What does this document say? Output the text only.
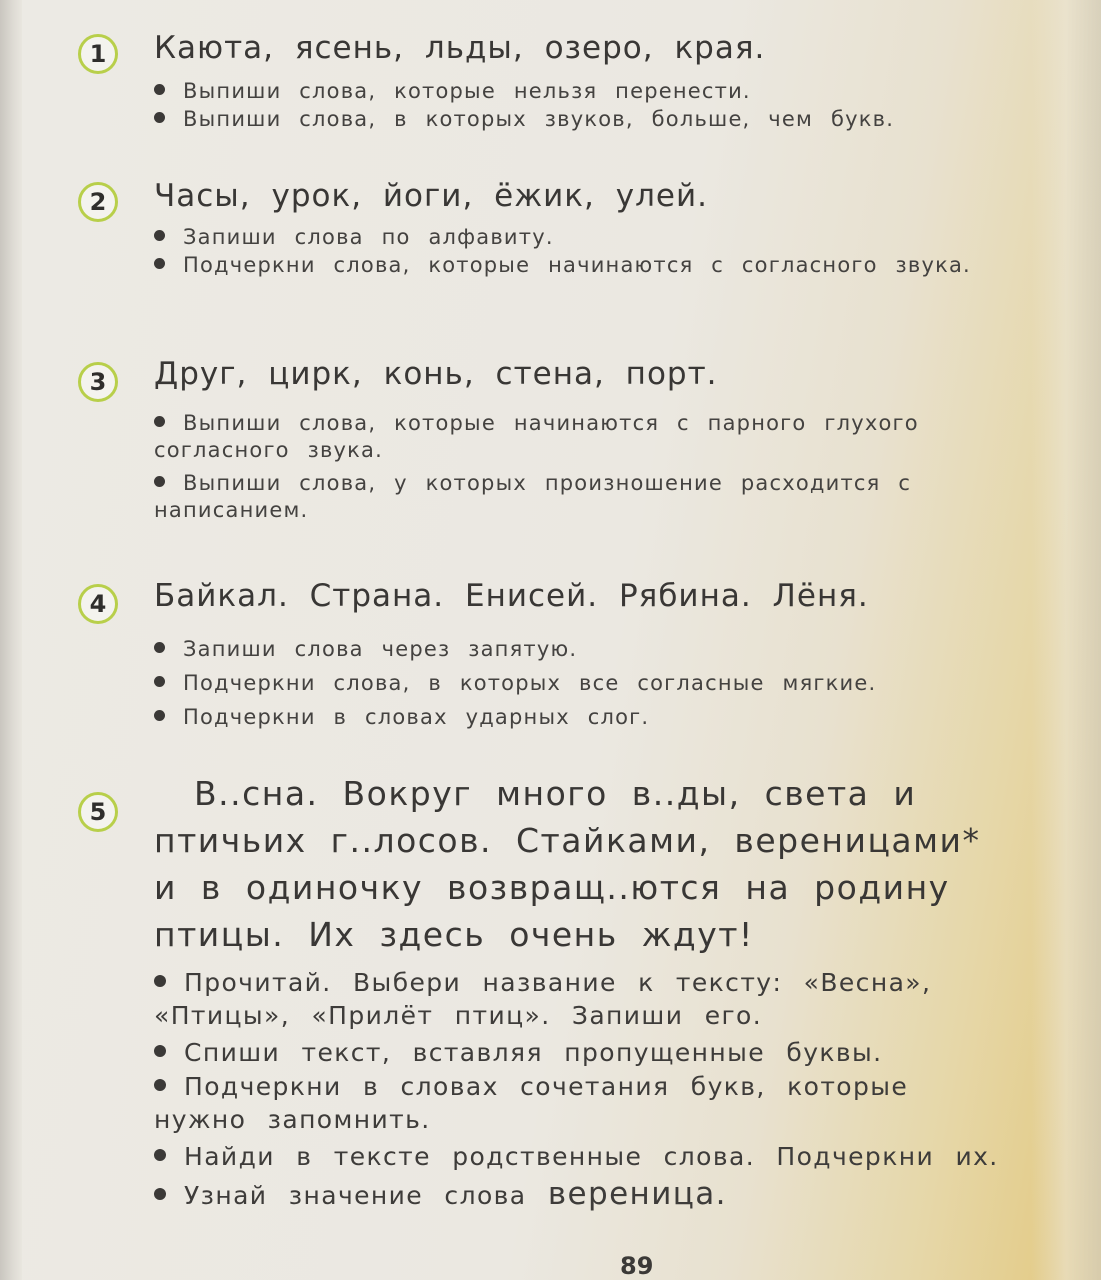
1	Каюта, ясень, льды, озеро, края.
Выпиши слова, которые нельзя перенести.
Выпиши слова, в которых звуков, больше, чем букв.
2	Часы, урок, йоги, ёжик, улей.
Запиши слова по алфавиту.
Подчеркни слова, которые начинаются с согласного звука.
3	Друг, цирк, конь, стена, порт.
Выпиши слова, которые начинаются с парного глухого согласного звука.
Выпиши слова, у которых произношение расходится с написанием.
4	Байкал. Страна. Енисей. Рябина. Лёня.
Запиши слова через запятую.
Подчеркни слова, в которых все согласные мягкие.
Подчеркни в словах ударных слог.
5	В..сна. Вокруг много в..ды, света и птичьих г..лосов. Стайками, вереницами* и в одиночку возвращ..ются на родину птицы. Их здесь очень ждут!
Прочитай. Выбери название к тексту: «Весна», «Птицы», «Прилёт птиц». Запиши его.
Спиши текст, вставляя пропущенные буквы.
Подчеркни в словах сочетания букв, которые нужно запомнить.
Найди в тексте родственные слова. Подчеркни их.
Узнай значение слова вереница.
89
